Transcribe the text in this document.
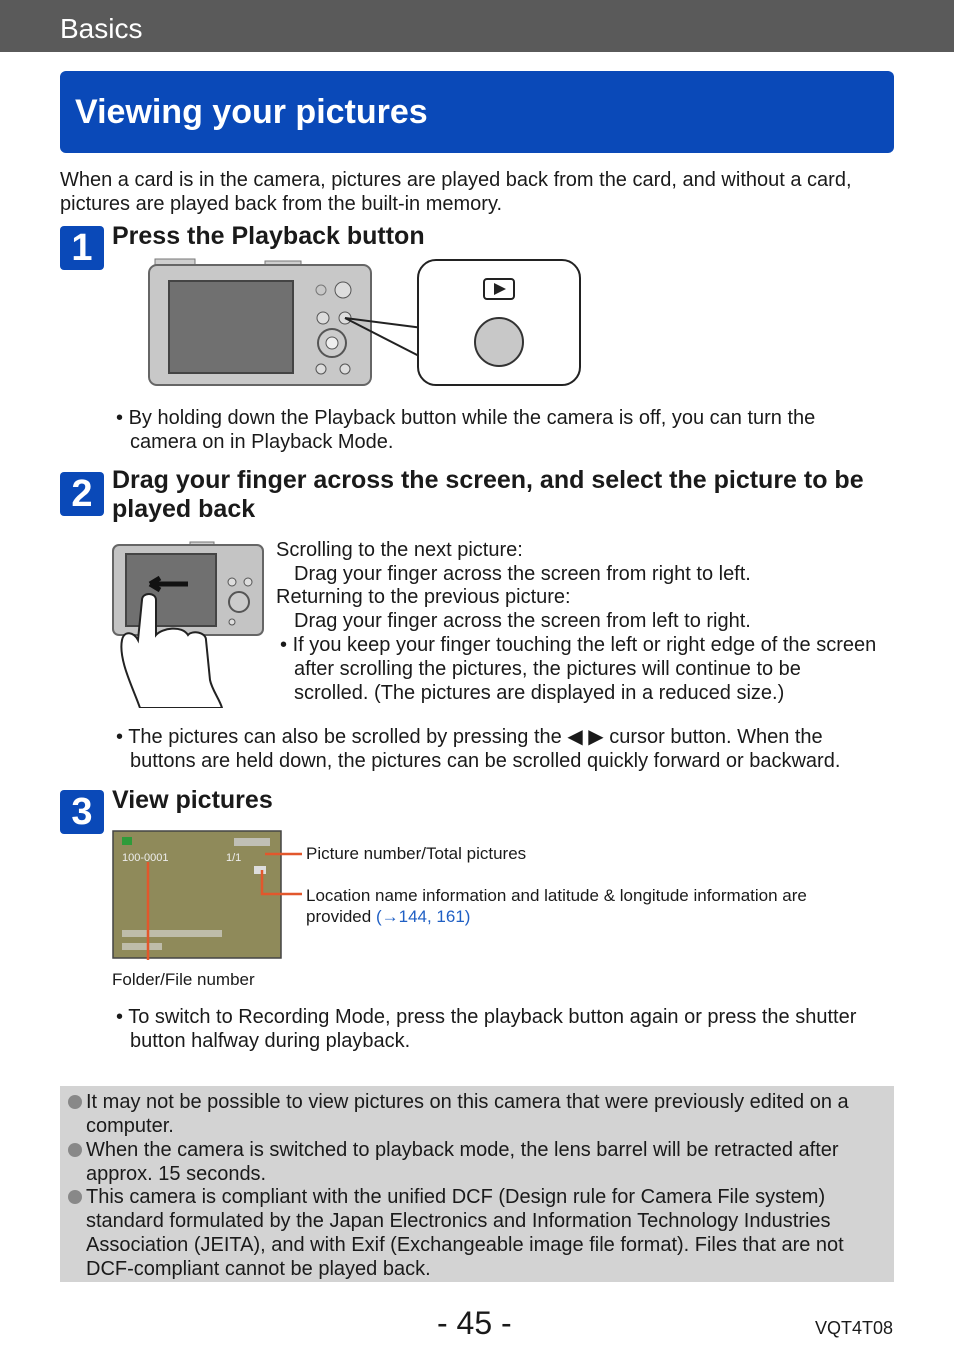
Basics
Viewing your pictures
When a card is in the camera, pictures are played back from the card, and without a card, pictures are played back from the built-in memory.
1 Press the Playback button
• By holding down the Playback button while the camera is off, you can turn the camera on in Playback Mode.
2 Drag your finger across the screen, and select the picture to be played back
Scrolling to the next picture:
Drag your finger across the screen from right to left.
Returning to the previous picture:
Drag your finger across the screen from left to right.
• If you keep your finger touching the left or right edge of the screen after scrolling the pictures, the pictures will continue to be scrolled. (The pictures are displayed in a reduced size.)
• The pictures can also be scrolled by pressing the ◀ ▶ cursor button. When the buttons are held down, the pictures can be scrolled quickly forward or backward.
3 View pictures
100-0001	1/1	Picture number/Total pictures
Location name information and latitude & longitude information are provided (→144, 161)
Folder/File number
• To switch to Recording Mode, press the playback button again or press the shutter button halfway during playback.
It may not be possible to view pictures on this camera that were previously edited on a computer.
When the camera is switched to playback mode, the lens barrel will be retracted after approx. 15 seconds.
This camera is compliant with the unified DCF (Design rule for Camera File system) standard formulated by the Japan Electronics and Information Technology Industries Association (JEITA), and with Exif (Exchangeable image file format). Files that are not DCF-compliant cannot be played back.
- 45 -	VQT4T08
